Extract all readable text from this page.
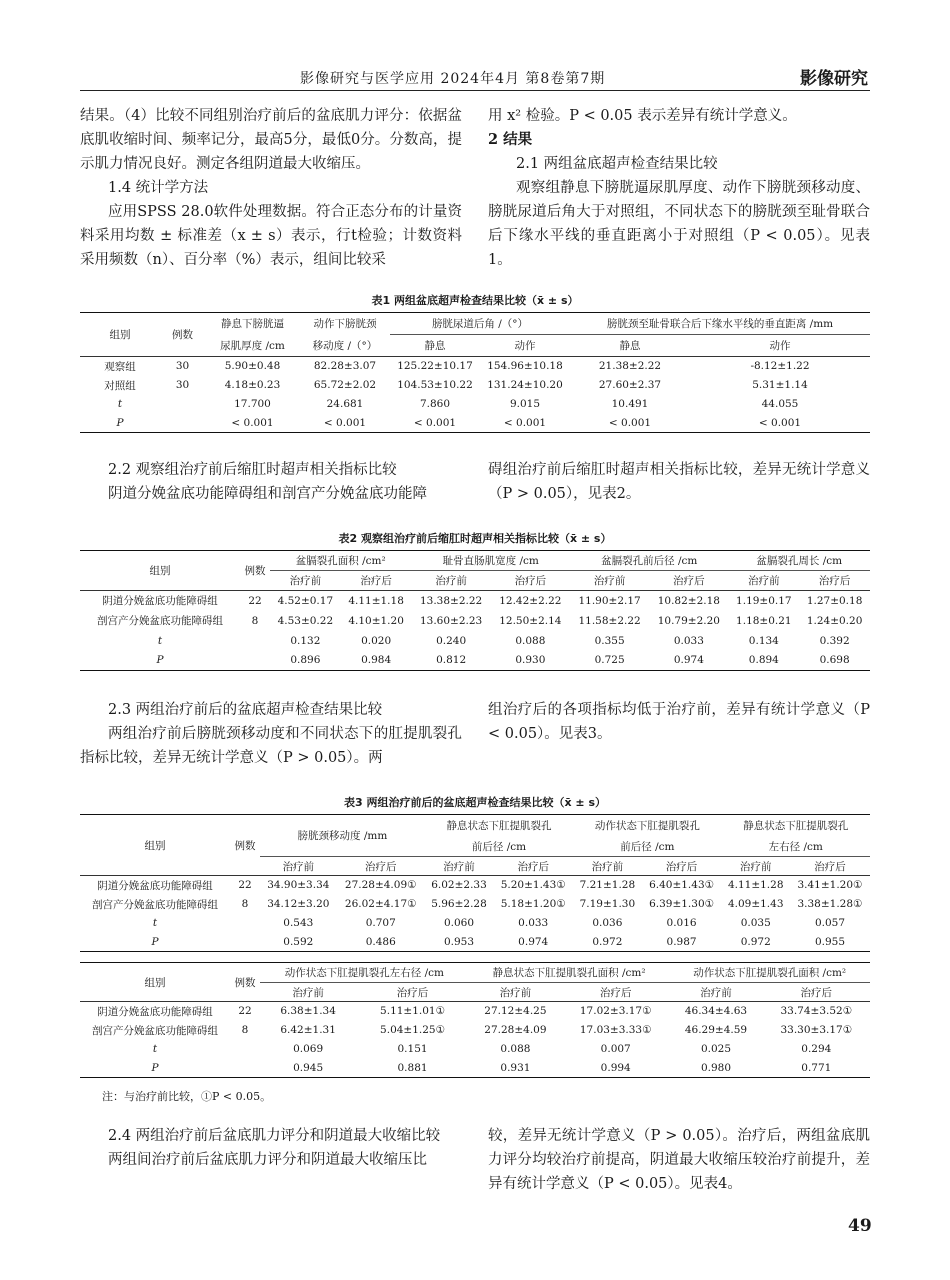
影像研究与医学应用 2024年4月 第8卷第7期	影像研究

结果。（4）比较不同组别治疗前后的盆底肌力评分：依据盆底肌收缩时间、频率记分，最高5分，最低0分。分数高，提示肌力情况良好。测定各组阴道最大收缩压。

1.4 统计学方法

应用SPSS 28.0软件处理数据。符合正态分布的计量资料采用均数 ± 标准差（x ± s）表示，行t检验；计数资料采用频数（n）、百分率（%）表示，组间比较采

用 x² 检验。P < 0.05 表示差异有统计学意义。

2 结果

2.1 两组盆底超声检查结果比较

观察组静息下膀胱逼尿肌厚度、动作下膀胱颈移动度、膀胱尿道后角大于对照组，不同状态下的膀胱颈至耻骨联合后下缘水平线的垂直距离小于对照组（P < 0.05）。见表1。

表1 两组盆底超声检查结果比较（x̄ ± s）
组别	例数	静息下膀胱逼	动作下膀胱颈	膀胱尿道后角 /（°）		膀胱颈至耻骨联合后下缘水平线的垂直距离 /mm	
		尿肌厚度 /cm	移动度 /（°）	静息	动作	静息	动作
观察组	30	5.90±0.48	82.28±3.07	125.22±10.17	154.96±10.18	21.38±2.22	-8.12±1.22
对照组	30	4.18±0.23	65.72±2.02	104.53±10.22	131.24±10.20	27.60±2.37	5.31±1.14
t		17.700	24.681	7.860	9.015	10.491	44.055
P		< 0.001	< 0.001	< 0.001	< 0.001	< 0.001	< 0.001

2.2 观察组治疗前后缩肛时超声相关指标比较

阴道分娩盆底功能障碍组和剖宫产分娩盆底功能障

碍组治疗前后缩肛时超声相关指标比较，差异无统计学意义（P > 0.05），见表2。

表2 观察组治疗前后缩肛时超声相关指标比较（x̄ ± s）
组别	例数	盆膈裂孔面积 /cm²		耻骨直肠肌宽度 /cm		盆膈裂孔前后径 /cm		盆膈裂孔周长 /cm	
		治疗前	治疗后	治疗前	治疗后	治疗前	治疗后	治疗前	治疗后
阴道分娩盆底功能障碍组	22	4.52±0.17	4.11±1.18	13.38±2.22	12.42±2.22	11.90±2.17	10.82±2.18	1.19±0.17	1.27±0.18
剖宫产分娩盆底功能障碍组	8	4.53±0.22	4.10±1.20	13.60±2.23	12.50±2.14	11.58±2.22	10.79±2.20	1.18±0.21	1.24±0.20
t		0.132	0.020	0.240	0.088	0.355	0.033	0.134	0.392
P		0.896	0.984	0.812	0.930	0.725	0.974	0.894	0.698

2.3 两组治疗前后的盆底超声检查结果比较

两组治疗前后膀胱颈移动度和不同状态下的肛提肌裂孔指标比较，差异无统计学意义（P > 0.05）。两

组治疗后的各项指标均低于治疗前，差异有统计学意义（P < 0.05）。见表3。

表3 两组治疗前后的盆底超声检查结果比较（x̄ ± s）
组别	例数	膀胱颈移动度 /mm		静息状态下肛提肌裂孔		动作状态下肛提肌裂孔		静息状态下肛提肌裂孔	
				前后径 /cm		前后径 /cm		左右径 /cm	
		治疗前	治疗后	治疗前	治疗后	治疗前	治疗后	治疗前	治疗后
阴道分娩盆底功能障碍组	22	34.90±3.34	27.28±4.09①	6.02±2.33	5.20±1.43①	7.21±1.28	6.40±1.43①	4.11±1.28	3.41±1.20①
剖宫产分娩盆底功能障碍组	8	34.12±3.20	26.02±4.17①	5.96±2.28	5.18±1.20①	7.19±1.30	6.39±1.30①	4.09±1.43	3.38±1.28①
t		0.543	0.707	0.060	0.033	0.036	0.016	0.035	0.057
P		0.592	0.486	0.953	0.974	0.972	0.987	0.972	0.955
组别	例数	动作状态下肛提肌裂孔左右径 /cm		静息状态下肛提肌裂孔面积 /cm²		动作状态下肛提肌裂孔面积 /cm²	
		治疗前	治疗后	治疗前	治疗后	治疗前	治疗后
阴道分娩盆底功能障碍组	22	6.38±1.34	5.11±1.01①	27.12±4.25	17.02±3.17①	46.34±4.63	33.74±3.52①
剖宫产分娩盆底功能障碍组	8	6.42±1.31	5.04±1.25①	27.28±4.09	17.03±3.33①	46.29±4.59	33.30±3.17①
t		0.069	0.151	0.088	0.007	0.025	0.294
P		0.945	0.881	0.931	0.994	0.980	0.771
注：与治疗前比较，①P < 0.05。

2.4 两组治疗前后盆底肌力评分和阴道最大收缩比较

两组间治疗前后盆底肌力评分和阴道最大收缩压比

较，差异无统计学意义（P > 0.05）。治疗后，两组盆底肌力评分均较治疗前提高，阴道最大收缩压较治疗前提升，差异有统计学意义（P < 0.05）。见表4。

49
